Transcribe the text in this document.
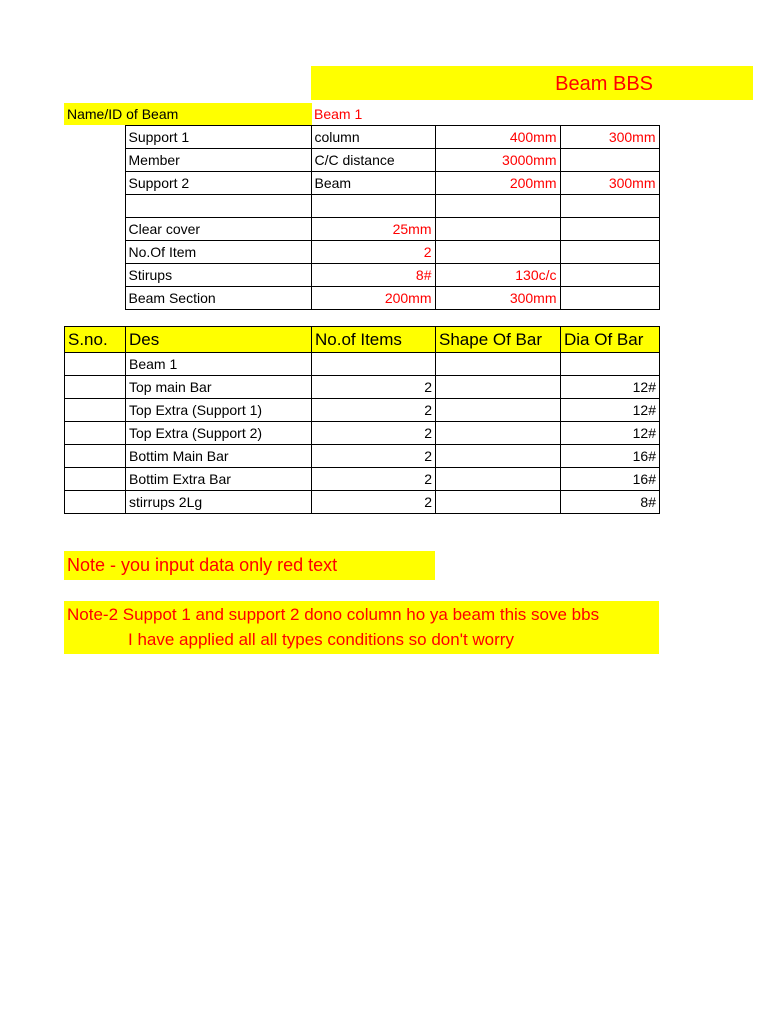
Beam BBS
Name/ID of Beam	Beam 1
	Support 1	column	400mm	300mm
	Member	C/C distance	3000mm	
	Support 2	Beam	200mm	300mm

	Clear cover	25mm		
	No.Of Item	2		
	Stirups	8#	130c/c	
	Beam Section	200mm	300mm	
S.no.	Des	No.of Items	Shape Of Bar	Dia Of Bar
	Beam 1			
	Top main Bar	2		12#
	Top Extra (Support 1)	2		12#
	Top Extra (Support 2)	2		12#
	Bottim Main Bar	2		16#
	Bottim Extra Bar	2		16#
	stirrups 2Lg	2		8#
Note - you input data only red text
Note-2 Suppot 1 and support 2 dono column ho ya beam this sove bbs
I have applied all all types conditions so don't worry
